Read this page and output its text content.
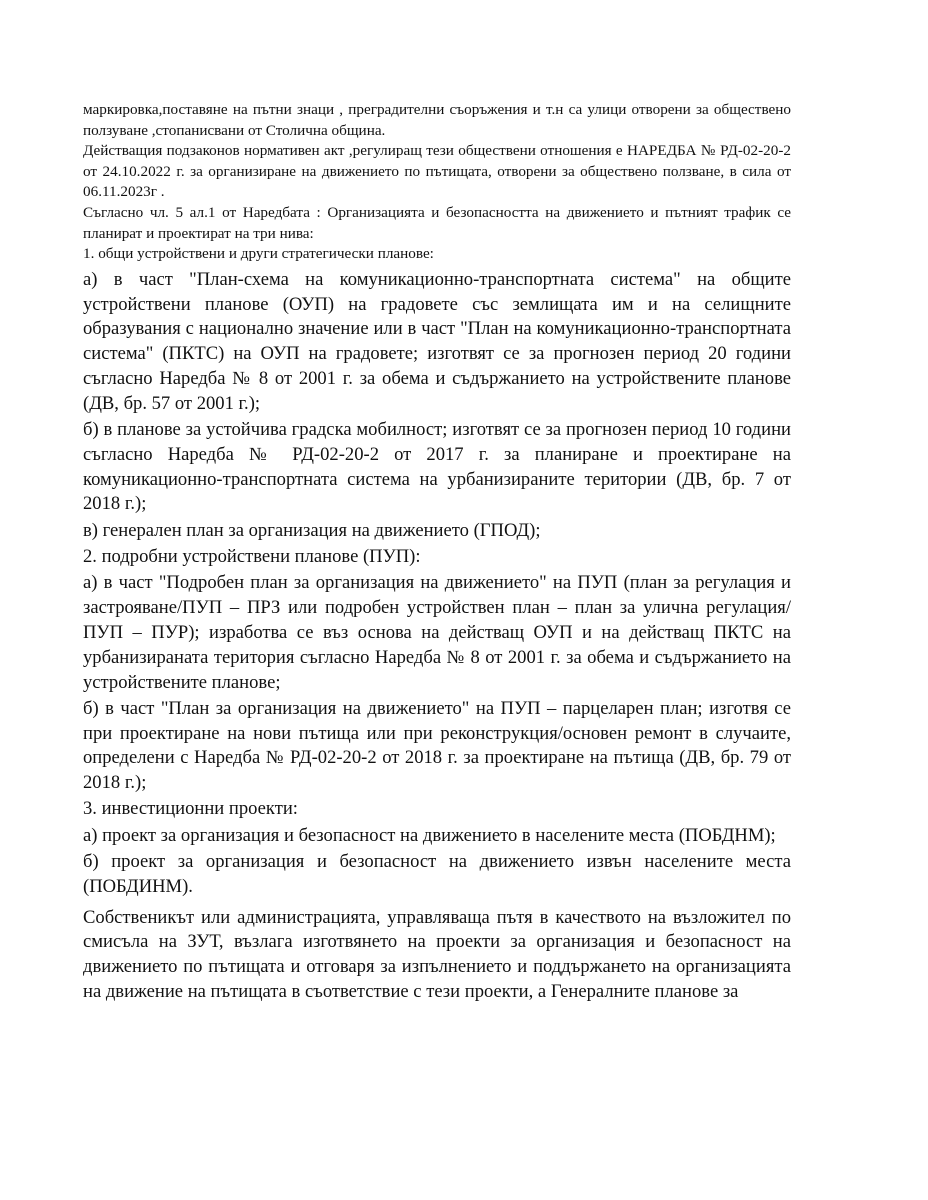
маркировка,поставяне на пътни знаци , преградителни съоръжения и т.н са улици отворени за обществено ползуване ,стопанисвани от Столична община.

Действащия подзаконов нормативен акт ,регулиращ тези обществени отношения е НАРЕДБА № РД-02-20-2 от 24.10.2022 г. за организиране на движението по пътищата, отворени за обществено ползване, в сила от 06.11.2023г .

Съгласно чл. 5 ал.1 от Наредбата : Организацията и безопасността на движението и пътният трафик се планират и проектират на три нива:

1. общи устройствени и други стратегически планове:

а) в част "План-схема на комуникационно-транспортната система" на общите устройствени планове (ОУП) на градовете със землищата им и на селищните образувания с национално значение или в част "План на комуникационно-транспортната система" (ПКТС) на ОУП на градовете; изготвят се за прогнозен период 20 години съгласно Наредба № 8 от 2001 г. за обема и съдържанието на устройствените планове (ДВ, бр. 57 от 2001 г.);

б) в планове за устойчива градска мобилност; изготвят се за прогнозен период 10 години съгласно Наредба № РД-02-20-2 от 2017 г. за планиране и проектиране на комуникационно-транспортната система на урбанизираните територии (ДВ, бр. 7 от 2018 г.);

в) генерален план за организация на движението (ГПОД);

2. подробни устройствени планове (ПУП):

а) в част "Подробен план за организация на движението" на ПУП (план за регулация и застрояване/ПУП – ПРЗ или подробен устройствен план – план за улична регулация/ПУП – ПУР); изработва се въз основа на действащ ОУП и на действащ ПКТС на урбанизираната територия съгласно Наредба № 8 от 2001 г. за обема и съдържанието на устройствените планове;

б) в част "План за организация на движението" на ПУП – парцеларен план; изготвя се при проектиране на нови пътища или при реконструкция/основен ремонт в случаите, определени с Наредба № РД-02-20-2 от 2018 г. за проектиране на пътища (ДВ, бр. 79 от 2018 г.);

3. инвестиционни проекти:

а) проект за организация и безопасност на движението в населените места (ПОБДНМ);

б) проект за организация и безопасност на движението извън населените места (ПОБДИНМ).

Собственикът или администрацията, управляваща пътя в качеството на възложител по смисъла на ЗУТ, възлага изготвянето на проекти за организация и безопасност на движението по пътищата и отговаря за изпълнението и поддържането на организацията на движение на пътищата в съответствие с тези проекти, а Генералните планове за
